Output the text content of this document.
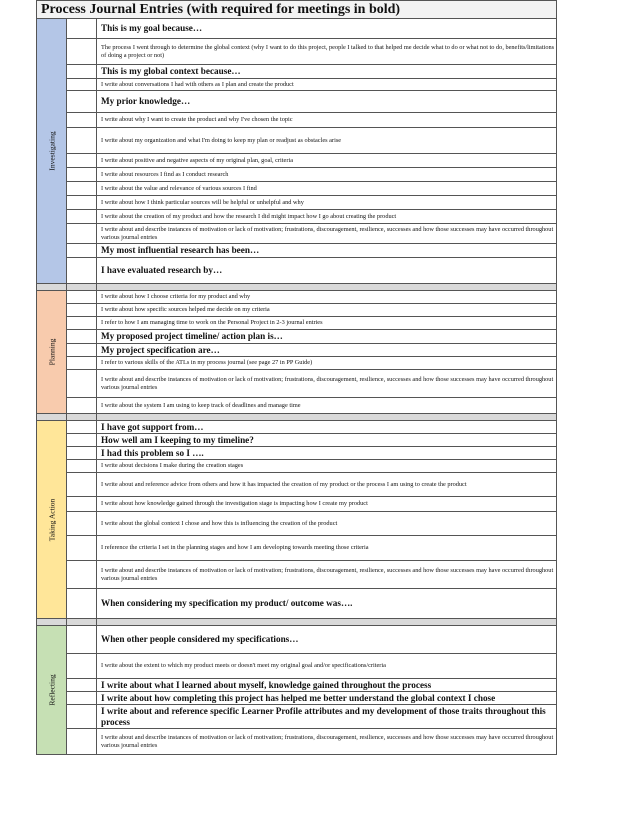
Process Journal Entries (with required for meetings in bold)		

Investigating		This is my goal because…
		The process I went through to determine the global context (why I want to do this project, people I talked to that helped me decide what to do or what not to do, benefits/limitations of doing a project or not)
		This is my global context because…
		I write about conversations I had with others as I plan and create the product
		My prior knowledge…
		I write about why I want to create the product and why I've chosen the topic
		I write about my organization and what I'm doing to keep my plan or readjust as obstacles arise
		I write about positive and negative aspects of my original plan, goal, criteria
		I write about resources I find as I conduct research
		I write about the value and relevance of various sources I find
		I write about how I think particular sources will be helpful or unhelpful and why
		I write about the creation of my product and how the research I did might impact how I go about creating the product
		I write about and describe instances of motivation or lack of motivation; frustrations, discouragement, resilience, successes and how those successes may have occurred throughout various journal entries
		My most influential research has been…
		I have evaluated research by…

Planning		I write about how I choose criteria for my product and why
		I write about how specific sources helped me decide on my criteria
		I refer to how I am managing time to work on the Personal Project in 2-3 journal entries
		My proposed project timeline/ action plan is…
		My project specification are…
		I refer to various skills of the ATLs in my process journal (see page 27 in PP Guide)
		I write about and describe instances of motivation or lack of motivation; frustrations, discouragement, resilience, successes and how those successes may have occurred throughout various journal entries
		I write about the system I am using to keep track of deadlines and manage time

Taking Action		I have got support from…
		How well am I keeping to my timeline?
		I had this problem so I ….
		I write about decisions I make during the creation stages
		I write about and reference advice from others and how it has impacted the creation of my product or the process I am using to create the product
		I write about how knowledge gained through the investigation stage is impacting how I create my product
		I write about the global context I chose and how this is influencing the creation of the product
		I reference the criteria I set in the planning stages and how I am developing towards meeting those criteria
		I write about and describe instances of motivation or lack of motivation; frustrations, discouragement, resilience, successes and how those successes may have occurred throughout various journal entries
		When considering my specification my product/ outcome was….

Reflecting		When other people considered my specifications…
		I write about the extent to which my product meets or doesn't meet my original goal and/or specifications/criteria
		I write about what I learned about myself, knowledge gained throughout the process
		I write about how completing this project has helped me better understand the global context I chose
		I write about and reference specific Learner Profile attributes and my development of those traits throughout this process
		I write about and describe instances of motivation or lack of motivation; frustrations, discouragement, resilience, successes and how those successes may have occurred throughout various journal entries
